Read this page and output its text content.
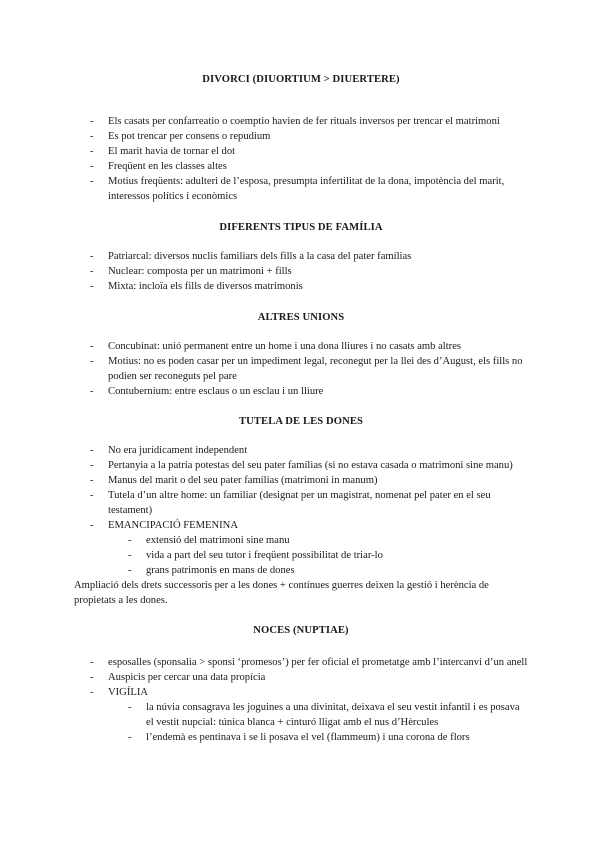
DIVORCI (DIUORTIUM > DIUERTERE)
- Els casats per confarreatio o coemptio havien de fer rituals inversos per trencar el matrimoni
- Es pot trencar per consens o repudium
- El marit havia de tornar el dot
- Freqüent en les classes altes
- Motius freqüents: adulteri de l’esposa, presumpta infertilitat de la dona, impotència del marit, interessos polítics i econòmics
DIFERENTS TIPUS DE FAMÍLIA
- Patriarcal: diversos nuclis familiars dels fills a la casa del pater famílias
- Nuclear: composta per un matrimoni + fills
- Mixta: incloïa els fills de diversos matrimonis
ALTRES UNIONS
- Concubinat: unió permanent entre un home i una dona lliures i no casats amb altres
- Motius: no es poden casar per un impediment legal, reconegut per la llei des d’August, els fills no podien ser reconeguts pel pare
- Contubernium: entre esclaus o un esclau i un lliure
TUTELA DE LES DONES
- No era jurídicament independent
- Pertanyia a la patria potestas del seu pater famílias (si no estava casada o matrimoni sine manu)
- Manus del marit o del seu pater famílias (matrimoni in manum)
- Tutela d’un altre home: un familiar (designat per un magistrat, nomenat pel pater en el seu testament)
- EMANCIPACIÓ FEMENINA
- extensió del matrimoni sine manu
- vida a part del seu tutor i freqüent possibilitat de triar-lo
- grans patrimonis en mans de dones

Ampliació dels drets successoris per a les dones + contínues guerres deixen la gestió i herència de propietats a les dones.

NOCES (NUPTIAE)
- esposalles (sponsalia > sponsi ‘promesos’) per fer oficial el prometatge amb l’intercanvi d’un anell
- Auspicis per cercar una data propícia
- VIGÍLIA
- la núvia consagrava les joguines a una divinitat, deixava el seu vestit infantil i es posava el vestit nupcial: túnica blanca + cinturó lligat amb el nus d’Hèrcules
- l’endemà es pentinava i se li posava el vel (flammeum) i una corona de flors
